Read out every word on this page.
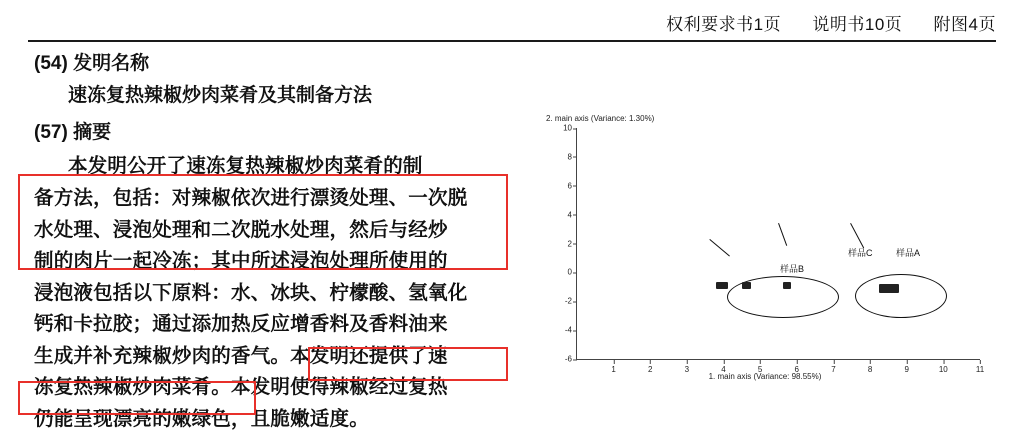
权利要求书1页 说明书10页 附图4页

(54) 发明名称

速冻复热辣椒炒肉菜肴及其制备方法

(57) 摘要

本发明公开了速冻复热辣椒炒肉菜肴的制

备方法，包括：对辣椒依次进行漂烫处理、一次脱

水处理、浸泡处理和二次脱水处理，然后与经炒

制的肉片一起冷冻；其中所述浸泡处理所使用的

浸泡液包括以下原料：水、冰块、柠檬酸、氢氧化

钙和卡拉胶；通过添加热反应增香料及香料油来

生成并补充辣椒炒肉的香气。本发明还提供了速

冻复热辣椒炒肉菜肴。本发明使得辣椒经过复热

仍能呈现漂亮的嫩绿色，且脆嫩适度。

2. main axis (Variance: 1.30%)
10
8
6
4
2
0
-2
-4
-6
1	2	3	4	5	6	7	8	9	10	11
样品B
样品C	样品A
1. main axis (Variance: 98.55%)
